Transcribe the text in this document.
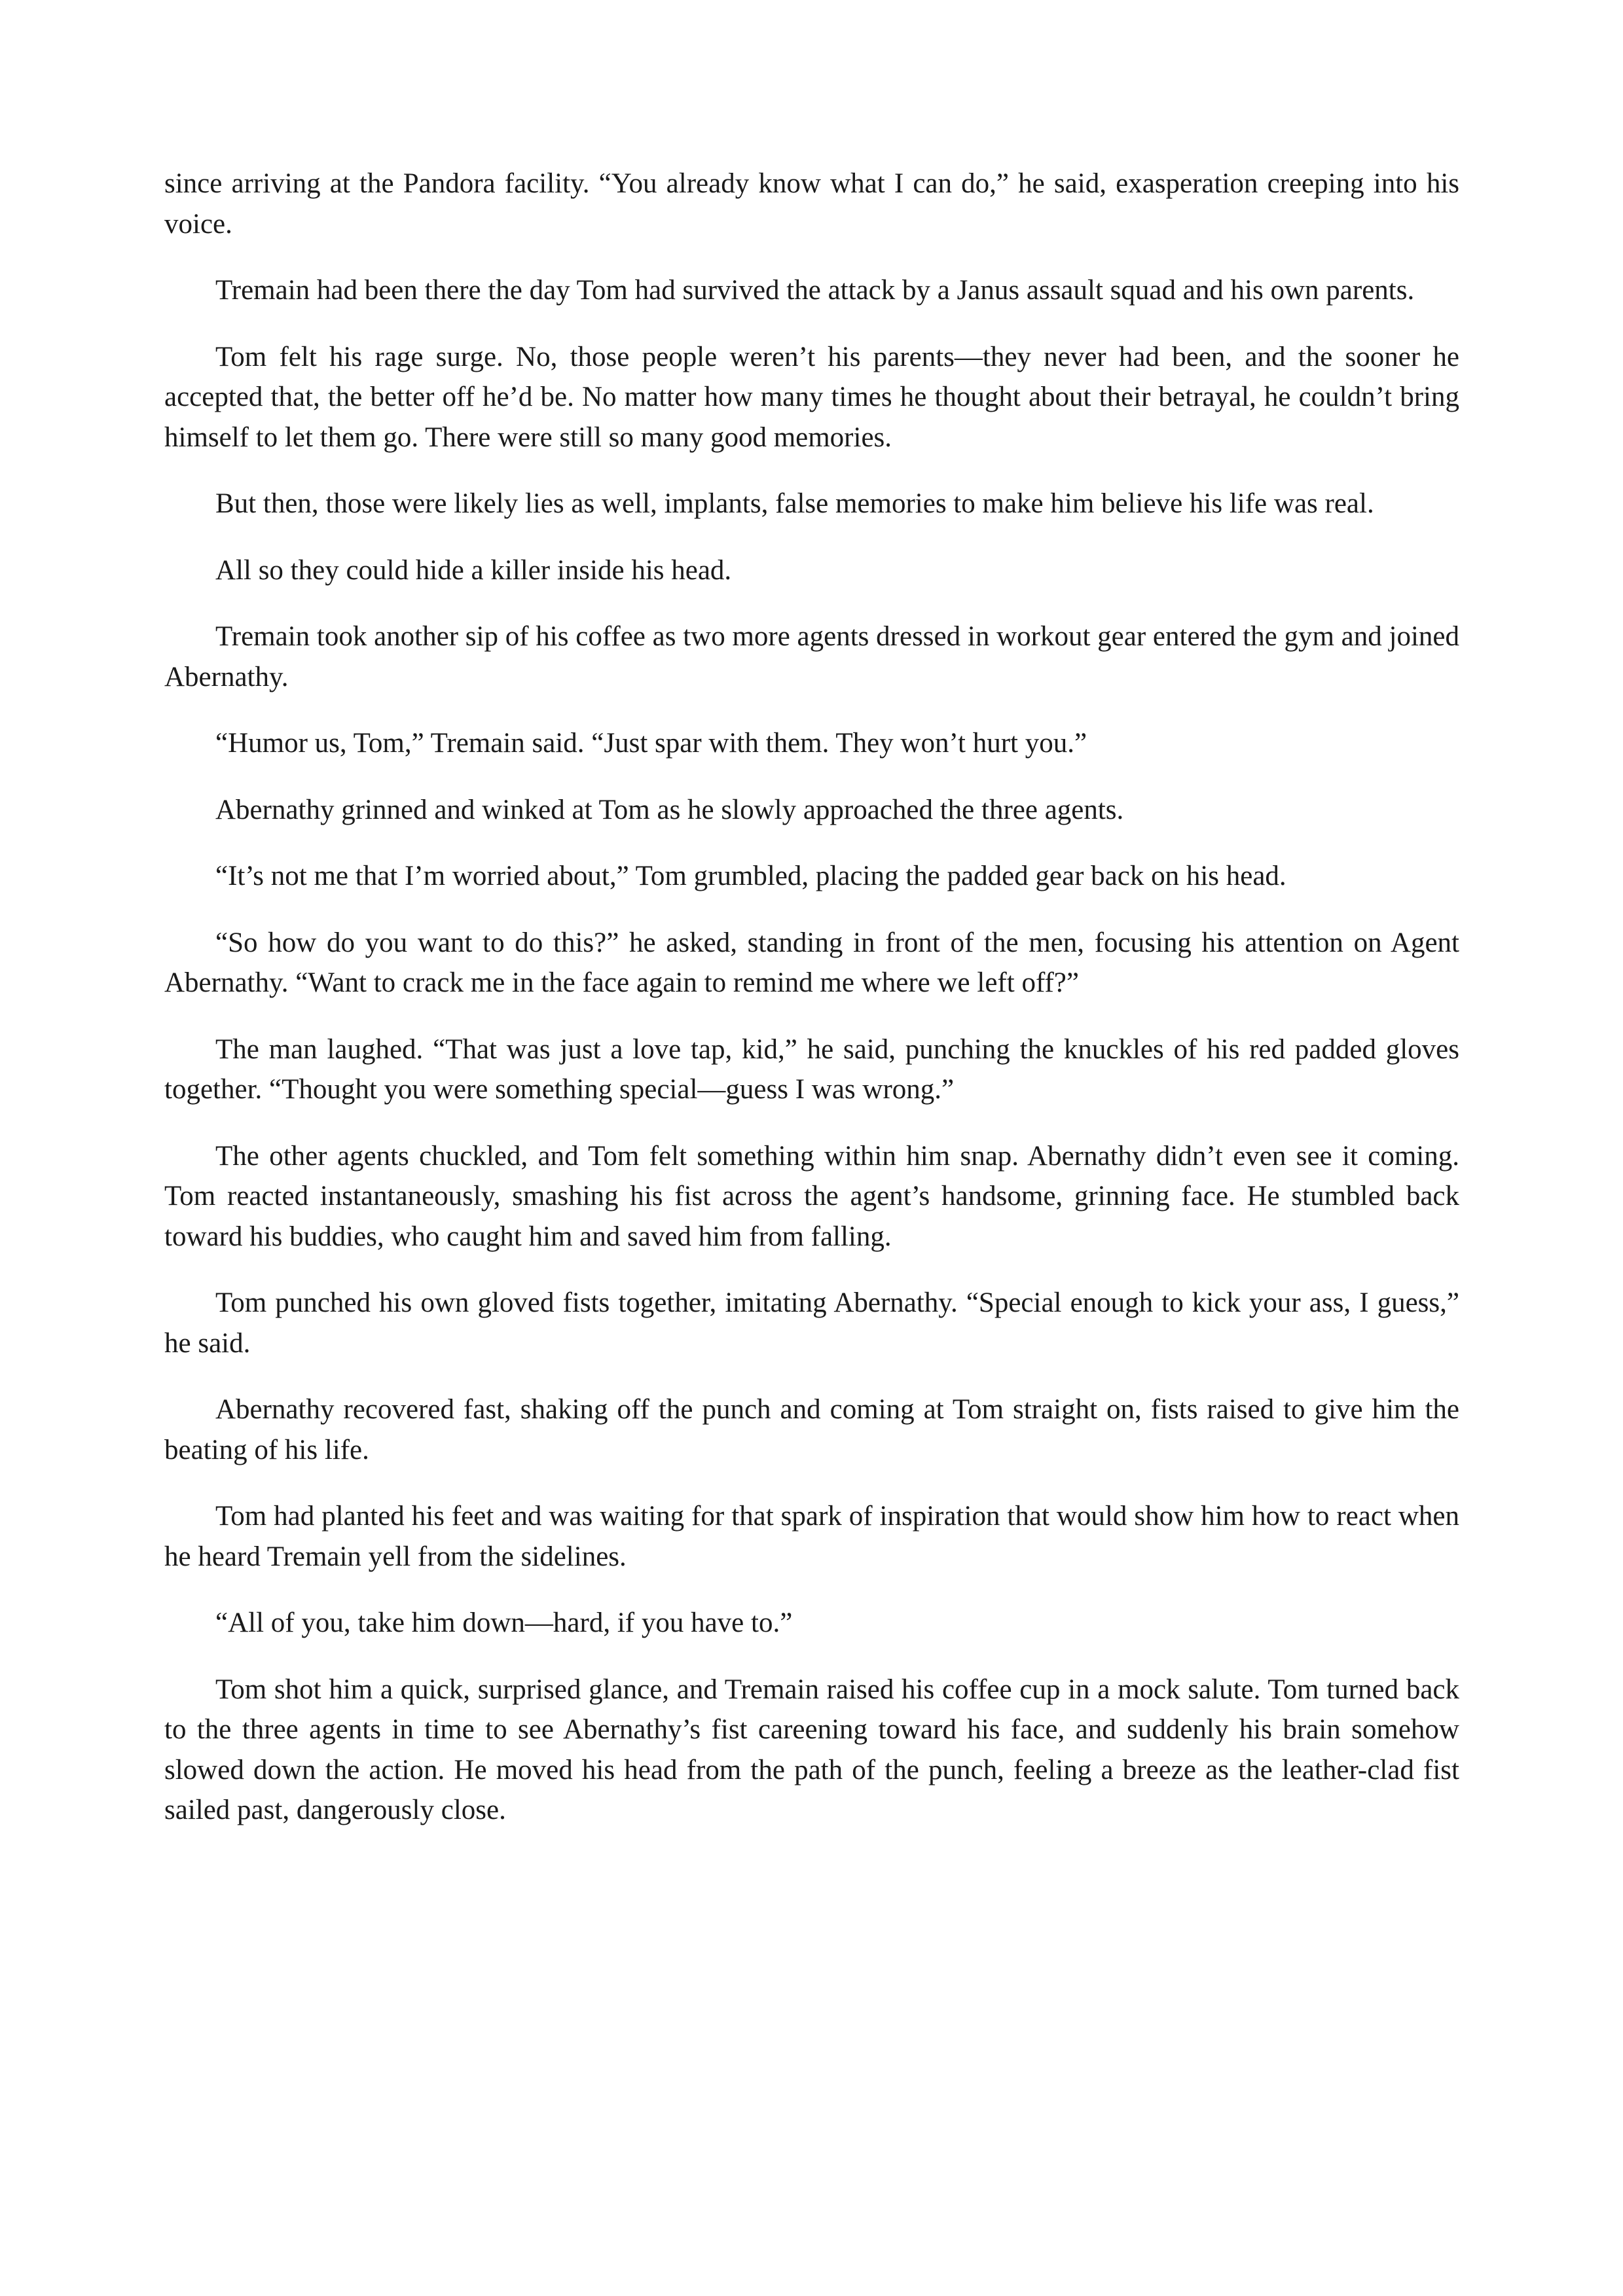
since arriving at the Pandora facility. “You already know what I can do,” he said, exasperation creeping into his voice.

Tremain had been there the day Tom had survived the attack by a Janus assault squad and his own parents.

Tom felt his rage surge. No, those people weren’t his parents—they never had been, and the sooner he accepted that, the better off he’d be. No matter how many times he thought about their betrayal, he couldn’t bring himself to let them go. There were still so many good memories.

But then, those were likely lies as well, implants, false memories to make him believe his life was real.

All so they could hide a killer inside his head.

Tremain took another sip of his coffee as two more agents dressed in workout gear entered the gym and joined Abernathy.

“Humor us, Tom,” Tremain said. “Just spar with them. They won’t hurt you.”

Abernathy grinned and winked at Tom as he slowly approached the three agents.

“It’s not me that I’m worried about,” Tom grumbled, placing the padded gear back on his head.

“So how do you want to do this?” he asked, standing in front of the men, focusing his attention on Agent Abernathy. “Want to crack me in the face again to remind me where we left off?”

The man laughed. “That was just a love tap, kid,” he said, punching the knuckles of his red padded gloves together. “Thought you were something special—guess I was wrong.”

The other agents chuckled, and Tom felt something within him snap. Abernathy didn’t even see it coming. Tom reacted instantaneously, smashing his fist across the agent’s handsome, grinning face. He stumbled back toward his buddies, who caught him and saved him from falling.

Tom punched his own gloved fists together, imitating Abernathy. “Special enough to kick your ass, I guess,” he said.

Abernathy recovered fast, shaking off the punch and coming at Tom straight on, fists raised to give him the beating of his life.

Tom had planted his feet and was waiting for that spark of inspiration that would show him how to react when he heard Tremain yell from the sidelines.

“All of you, take him down—hard, if you have to.”

Tom shot him a quick, surprised glance, and Tremain raised his coffee cup in a mock salute. Tom turned back to the three agents in time to see Abernathy’s fist careening toward his face, and suddenly his brain somehow slowed down the action. He moved his head from the path of the punch, feeling a breeze as the leather-clad fist sailed past, dangerously close.
